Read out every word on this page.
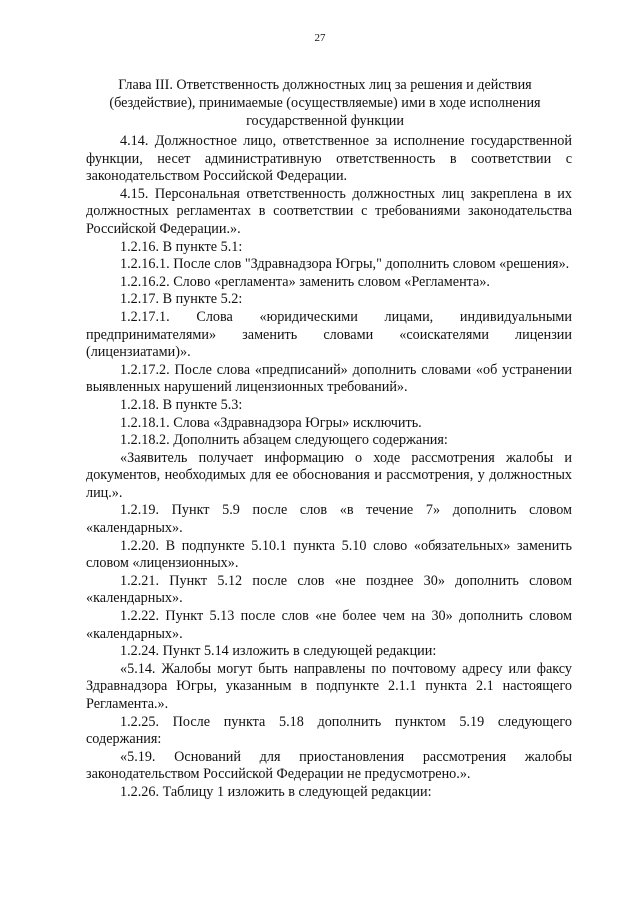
27
Глава III. Ответственность должностных лиц за решения и действия (бездействие), принимаемые (осуществляемые) ими в ходе исполнения государственной функции

4.14. Должностное лицо, ответственное за исполнение государственной функции, несет административную ответственность в соответствии с законодательством Российской Федерации.

4.15. Персональная ответственность должностных лиц закреплена в их должностных регламентах в соответствии с требованиями законодательства Российской Федерации.».

1.2.16. В пункте 5.1:

1.2.16.1. После слов "Здравнадзора Югры," дополнить словом «решения».

1.2.16.2. Слово «регламента» заменить словом «Регламента».

1.2.17. В пункте 5.2:

1.2.17.1. Слова «юридическими лицами, индивидуальными предпринимателями» заменить словами «соискателями лицензии (лицензиатами)».

1.2.17.2. После слова «предписаний» дополнить словами «об устранении выявленных нарушений лицензионных требований».

1.2.18. В пункте 5.3:

1.2.18.1. Слова «Здравнадзора Югры» исключить.

1.2.18.2. Дополнить абзацем следующего содержания:

«Заявитель получает информацию о ходе рассмотрения жалобы и документов, необходимых для ее обоснования и рассмотрения, у должностных лиц.».

1.2.19. Пункт 5.9 после слов «в течение 7» дополнить словом «календарных».

1.2.20. В подпункте 5.10.1 пункта 5.10 слово «обязательных» заменить словом «лицензионных».

1.2.21. Пункт 5.12 после слов «не позднее 30» дополнить словом «календарных».

1.2.22. Пункт 5.13 после слов «не более чем на 30» дополнить словом «календарных».

1.2.24. Пункт 5.14 изложить в следующей редакции:

«5.14. Жалобы могут быть направлены по почтовому адресу или факсу Здравнадзора Югры, указанным в подпункте 2.1.1 пункта 2.1 настоящего Регламента.».

1.2.25. После пункта 5.18 дополнить пунктом 5.19 следующего содержания:

«5.19. Оснований для приостановления рассмотрения жалобы законодательством Российской Федерации не предусмотрено.».

1.2.26. Таблицу 1 изложить в следующей редакции:
